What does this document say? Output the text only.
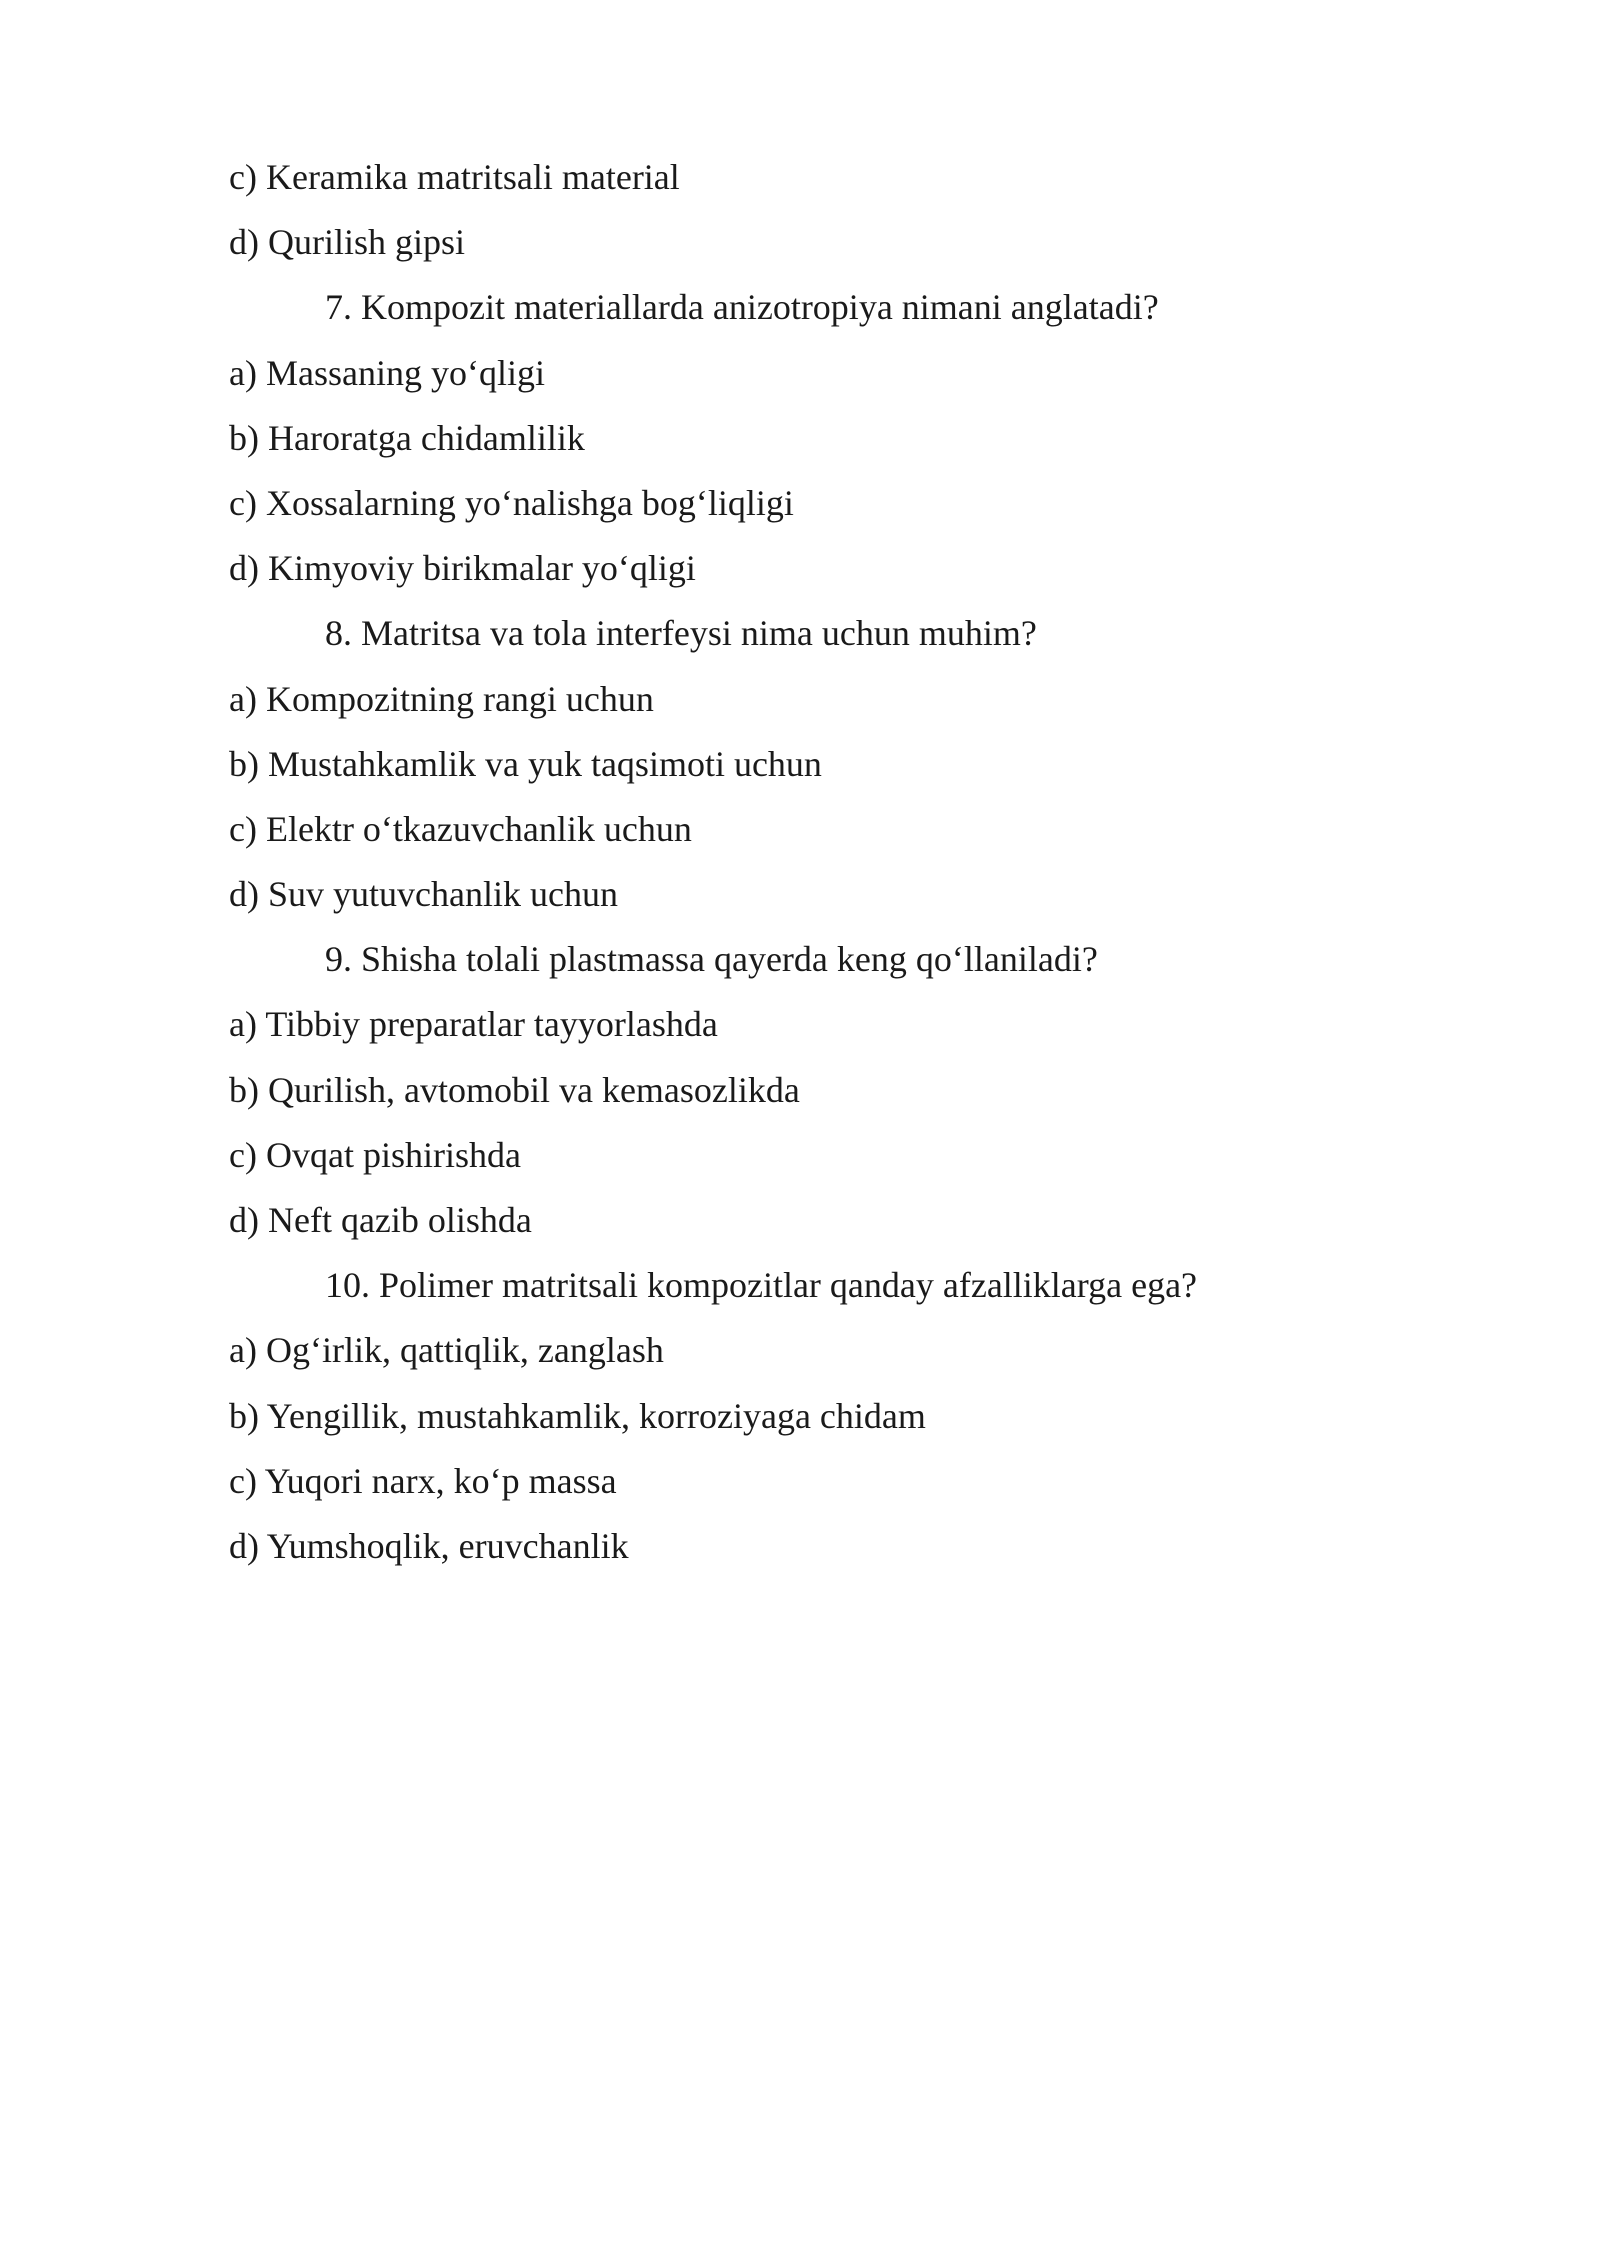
c) Keramika matritsali material
d) Qurilish gipsi
7. Kompozit materiallarda anizotropiya nimani anglatadi?
a) Massaning yo‘qligi
b) Haroratga chidamlilik
c) Xossalarning yo‘nalishga bog‘liqligi
d) Kimyoviy birikmalar yo‘qligi
8. Matritsa va tola interfeysi nima uchun muhim?
a) Kompozitning rangi uchun
b) Mustahkamlik va yuk taqsimoti uchun
c) Elektr o‘tkazuvchanlik uchun
d) Suv yutuvchanlik uchun
9. Shisha tolali plastmassa qayerda keng qo‘llaniladi?
a) Tibbiy preparatlar tayyorlashda
b) Qurilish, avtomobil va kemasozlikda
c) Ovqat pishirishda
d) Neft qazib olishda
10. Polimer matritsali kompozitlar qanday afzalliklarga ega?
a) Og‘irlik, qattiqlik, zanglash
b) Yengillik, mustahkamlik, korroziyaga chidam
c) Yuqori narx, ko‘p massa
d) Yumshoqlik, eruvchanlik
